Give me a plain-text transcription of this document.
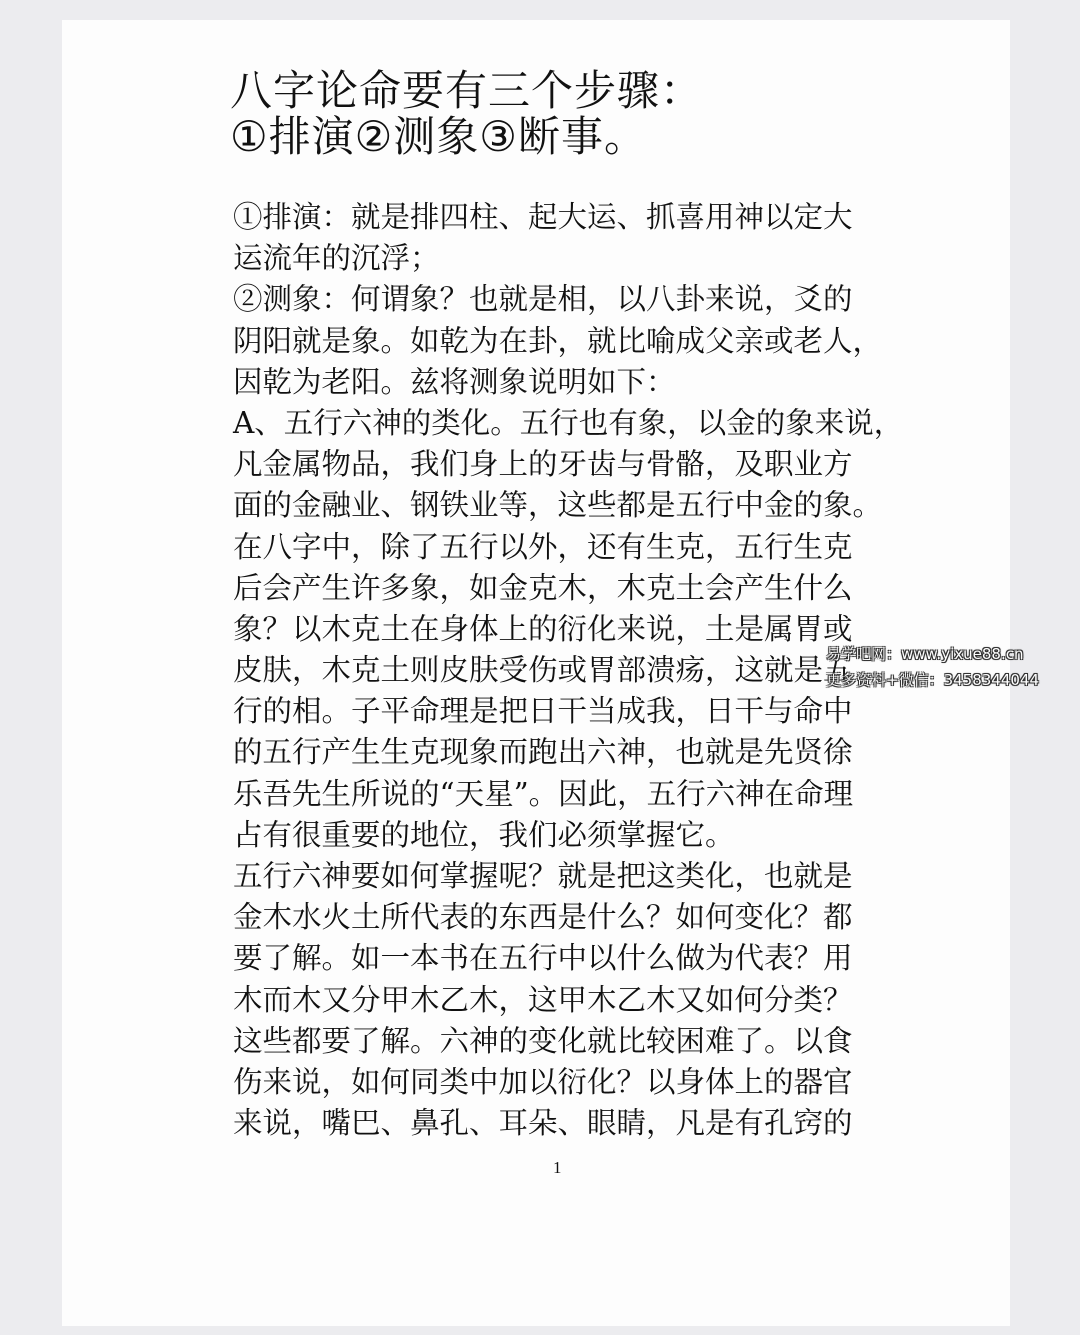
八字论命要有三个步骤：
①排演②测象③断事。
①排演：就是排四柱、起大运、抓喜用神以定大
运流年的沉浮；
②测象：何谓象？也就是相，以八卦来说，爻的
阴阳就是象。如乾为在卦，就比喻成父亲或老人，
因乾为老阳。兹将测象说明如下：
A、五行六神的类化。五行也有象，以金的象来说，
凡金属物品，我们身上的牙齿与骨骼，及职业方
面的金融业、钢铁业等，这些都是五行中金的象。
在八字中，除了五行以外，还有生克，五行生克
后会产生许多象，如金克木，木克土会产生什么
象？以木克土在身体上的衍化来说，土是属胃或
皮肤，木克土则皮肤受伤或胃部溃疡，这就是五
行的相。子平命理是把日干当成我，日干与命中
的五行产生生克现象而跑出六神，也就是先贤徐
乐吾先生所说的“天星”。因此，五行六神在命理
占有很重要的地位，我们必须掌握它。
五行六神要如何掌握呢？就是把这类化，也就是
金木水火土所代表的东西是什么？如何变化？都
要了解。如一本书在五行中以什么做为代表？用
木而木又分甲木乙木，这甲木乙木又如何分类？
这些都要了解。六神的变化就比较困难了。以食
伤来说，如何同类中加以衍化？以身体上的器官
来说，嘴巴、鼻孔、耳朵、眼睛，凡是有孔窍的
1
易学吧网：www.yixue88.cn
更多资料+微信：3458344044
